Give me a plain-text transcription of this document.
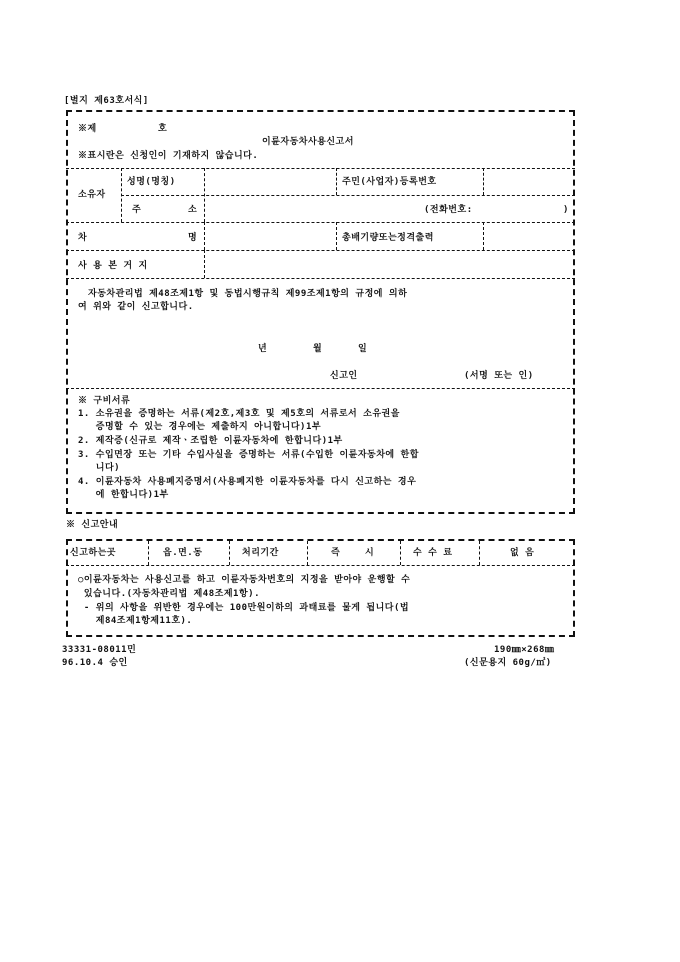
[별지 제63호서식]
※제	호
이륜자동차사용신고서
※표시란은 신청인이 기재하지 않습니다.
소유자
성명(명칭)	주민(사업자)등록번호
주	소	(전화번호:	)
차	명	총배기량또는정격출력
사 용 본 거 지
자동차관리법 제48조제1항 및 동법시행규칙 제99조제1항의 규정에 의하
여 위와 같이 신고합니다.
년	월	일
신고인	(서명 또는 인)
※ 구비서류
1. 소유권을 증명하는 서류(제2호,제3호 및 제5호의 서류로서 소유권을
증명할 수 있는 경우에는 제출하지 아니합니다)1부
2. 제작증(신규로 제작ㆍ조립한 이륜자동차에 한합니다)1부
3. 수입면장 또는 기타 수입사실을 증명하는 서류(수입한 이륜자동차에 한합
니다)
4. 이륜자동차 사용폐지증명서(사용폐지한 이륜자동차를 다시 신고하는 경우
에 한합니다)1부
※ 신고안내
신고하는곳	읍.면.동	처리기간	즉	시	수 수 료	없 음
○이륜자동차는 사용신고를 하고 이륜자동차번호의 지정을 받아야 운행할 수
있습니다.(자동차관리법 제48조제1항).
- 위의 사항을 위반한 경우에는 100만원이하의 과태료를 물게 됩니다(법
제84조제1항제11호).
33331-08011민
96.10.4 승인
190㎜×268㎜
(신문용지 60g/㎡)
